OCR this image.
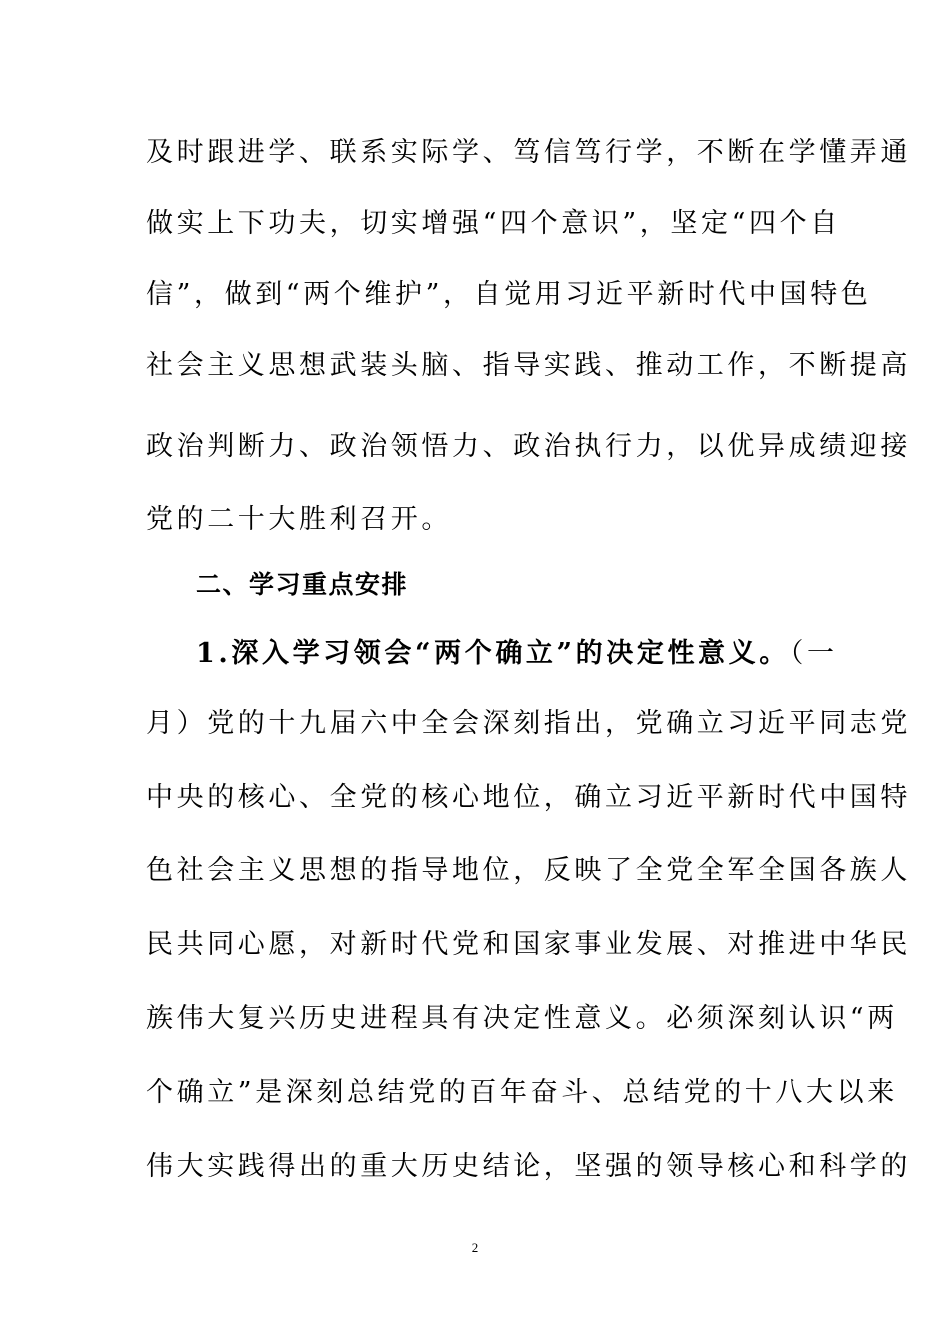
及时跟进学、联系实际学、笃信笃行学，不断在学懂弄通
做实上下功夫，切实增强“四个意识”，坚定“四个自
信”，做到“两个维护”，自觉用习近平新时代中国特色
社会主义思想武装头脑、指导实践、推动工作，不断提高
政治判断力、政治领悟力、政治执行力，以优异成绩迎接
党的二十大胜利召开。
二、学习重点安排
1.深入学习领会“两个确立”的决定性意义。（一
月）党的十九届六中全会深刻指出，党确立习近平同志党
中央的核心、全党的核心地位，确立习近平新时代中国特
色社会主义思想的指导地位，反映了全党全军全国各族人
民共同心愿，对新时代党和国家事业发展、对推进中华民
族伟大复兴历史进程具有决定性意义。必须深刻认识“两
个确立”是深刻总结党的百年奋斗、总结党的十八大以来
伟大实践得出的重大历史结论，坚强的领导核心和科学的
2
